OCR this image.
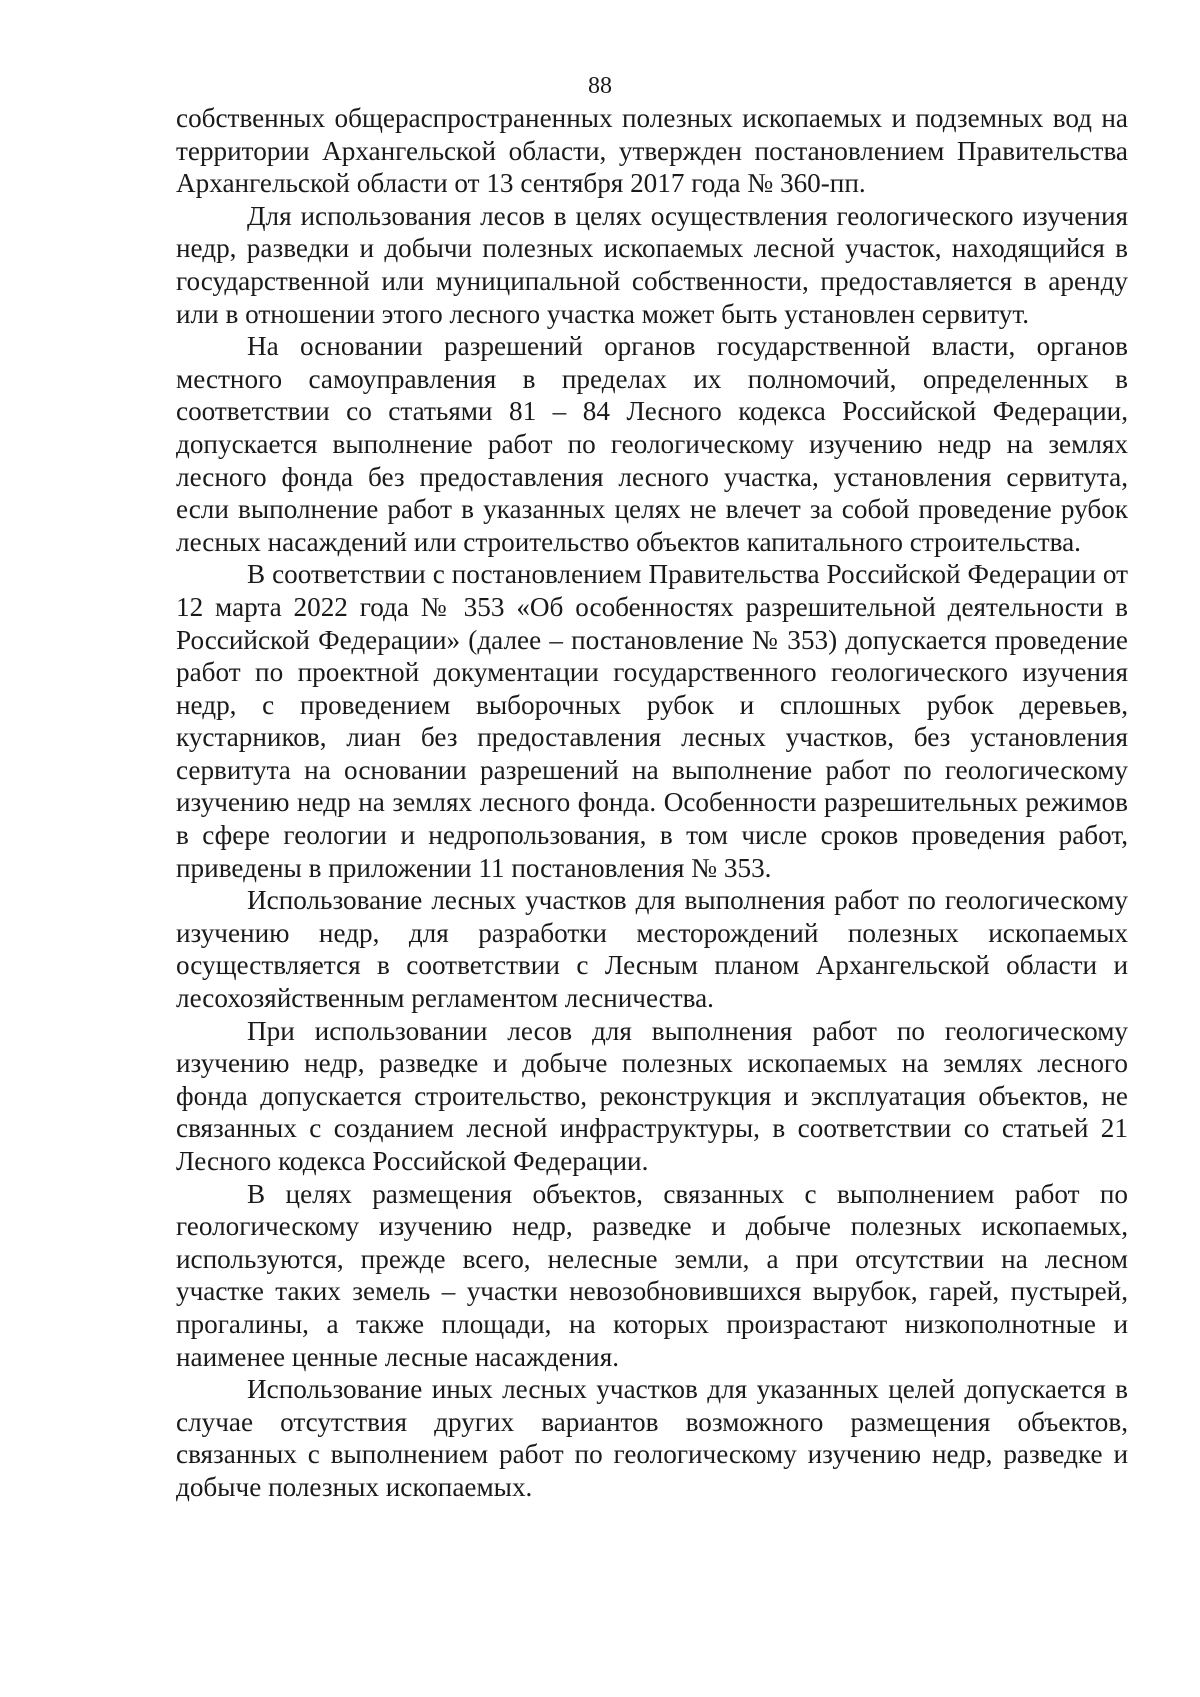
88

собственных общераспространенных полезных ископаемых и подземных вод на территории Архангельской области, утвержден постановлением Правительства Архангельской области от 13 сентября 2017 года № 360-пп.

Для использования лесов в целях осуществления геологического изучения недр, разведки и добычи полезных ископаемых лесной участок, находящийся в государственной или муниципальной собственности, предоставляется в аренду или в отношении этого лесного участка может быть установлен сервитут.

На основании разрешений органов государственной власти, органов местного самоуправления в пределах их полномочий, определенных в соответствии со статьями 81 – 84 Лесного кодекса Российской Федерации, допускается выполнение работ по геологическому изучению недр на землях лесного фонда без предоставления лесного участка, установления сервитута, если выполнение работ в указанных целях не влечет за собой проведение рубок лесных насаждений или строительство объектов капитального строительства.

В соответствии с постановлением Правительства Российской Федерации от 12 марта 2022 года № 353 «Об особенностях разрешительной деятельности в Российской Федерации» (далее – постановление № 353) допускается проведение работ по проектной документации государственного геологического изучения недр, с проведением выборочных рубок и сплошных рубок деревьев, кустарников, лиан без предоставления лесных участков, без установления сервитута на основании разрешений на выполнение работ по геологическому изучению недр на землях лесного фонда. Особенности разрешительных режимов в сфере геологии и недропользования, в том числе сроков проведения работ, приведены в приложении 11 постановления № 353.

Использование лесных участков для выполнения работ по геологическому изучению недр, для разработки месторождений полезных ископаемых осуществляется в соответствии с Лесным планом Архангельской области и лесохозяйственным регламентом лесничества.

При использовании лесов для выполнения работ по геологическому изучению недр, разведке и добыче полезных ископаемых на землях лесного фонда допускается строительство, реконструкция и эксплуатация объектов, не связанных с созданием лесной инфраструктуры, в соответствии со статьей 21 Лесного кодекса Российской Федерации.

В целях размещения объектов, связанных с выполнением работ по геологическому изучению недр, разведке и добыче полезных ископаемых, используются, прежде всего, нелесные земли, а при отсутствии на лесном участке таких земель – участки невозобновившихся вырубок, гарей, пустырей, прогалины, а также площади, на которых произрастают низкополнотные и наименее ценные лесные насаждения.

Использование иных лесных участков для указанных целей допускается в случае отсутствия других вариантов возможного размещения объектов, связанных с выполнением работ по геологическому изучению недр, разведке и добыче полезных ископаемых.
